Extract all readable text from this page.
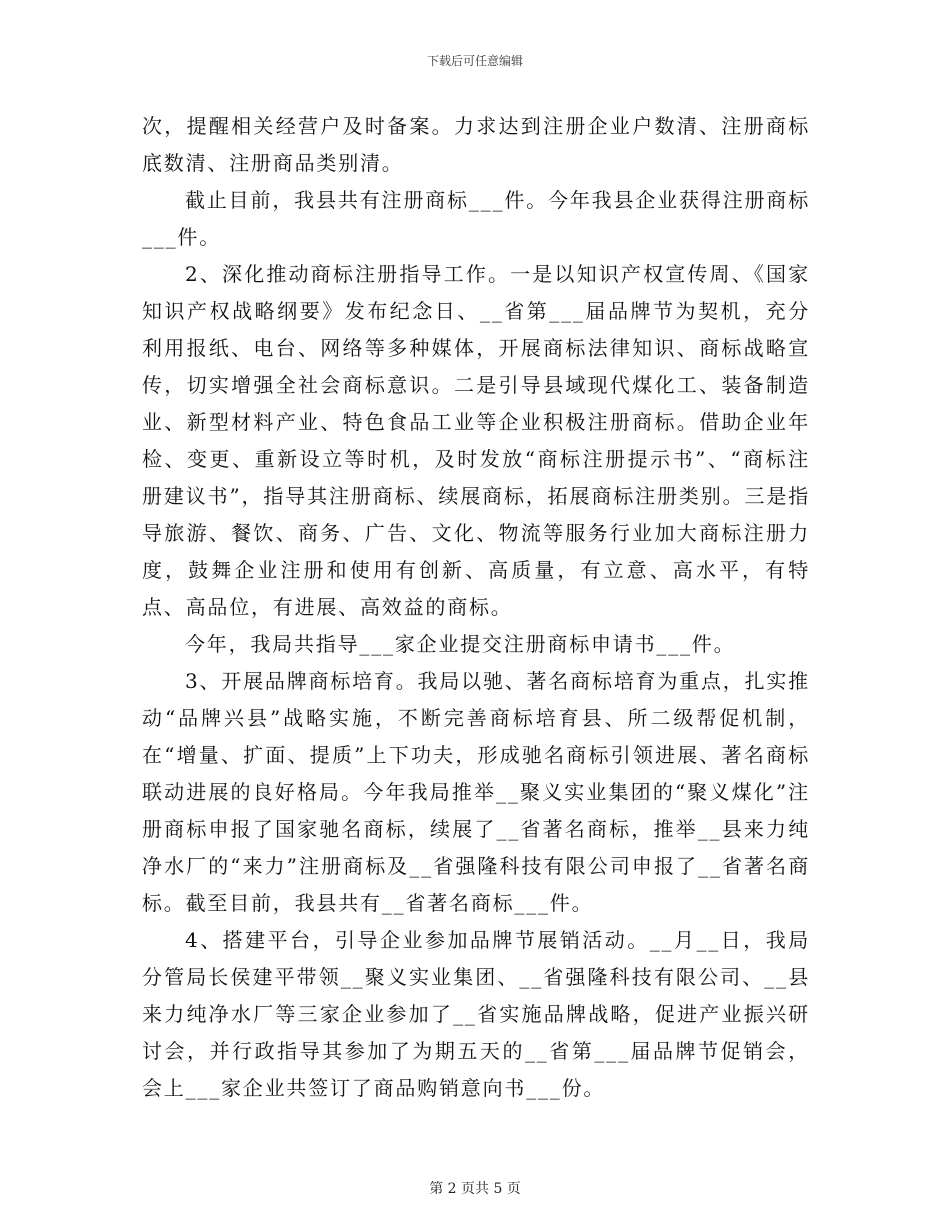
下载后可任意编辑

次，提醒相关经营户及时备案。力求达到注册企业户数清、注册商标底数清、注册商品类别清。

截止目前，我县共有注册商标___件。今年我县企业获得注册商标___件。

2、深化推动商标注册指导工作。一是以知识产权宣传周、《国家知识产权战略纲要》发布纪念日、__省第___届品牌节为契机，充分利用报纸、电台、网络等多种媒体，开展商标法律知识、商标战略宣传，切实增强全社会商标意识。二是引导县域现代煤化工、装备制造业、新型材料产业、特色食品工业等企业积极注册商标。借助企业年检、变更、重新设立等时机，及时发放“商标注册提示书”、“商标注册建议书”，指导其注册商标、续展商标，拓展商标注册类别。三是指导旅游、餐饮、商务、广告、文化、物流等服务行业加大商标注册力度，鼓舞企业注册和使用有创新、高质量，有立意、高水平，有特点、高品位，有进展、高效益的商标。

今年，我局共指导___家企业提交注册商标申请书___件。

3、开展品牌商标培育。我局以驰、著名商标培育为重点，扎实推动“品牌兴县”战略实施，不断完善商标培育县、所二级帮促机制，在“增量、扩面、提质”上下功夫，形成驰名商标引领进展、著名商标联动进展的良好格局。今年我局推举__聚义实业集团的“聚义煤化”注册商标申报了国家驰名商标，续展了__省著名商标，推举__县来力纯净水厂的“来力”注册商标及__省强隆科技有限公司申报了__省著名商标。截至目前，我县共有__省著名商标___件。

4、搭建平台，引导企业参加品牌节展销活动。__月__日，我局分管局长侯建平带领__聚义实业集团、__省强隆科技有限公司、__县来力纯净水厂等三家企业参加了__省实施品牌战略，促进产业振兴研讨会，并行政指导其参加了为期五天的__省第___届品牌节促销会，会上___家企业共签订了商品购销意向书___份。

第 2 页共 5 页
